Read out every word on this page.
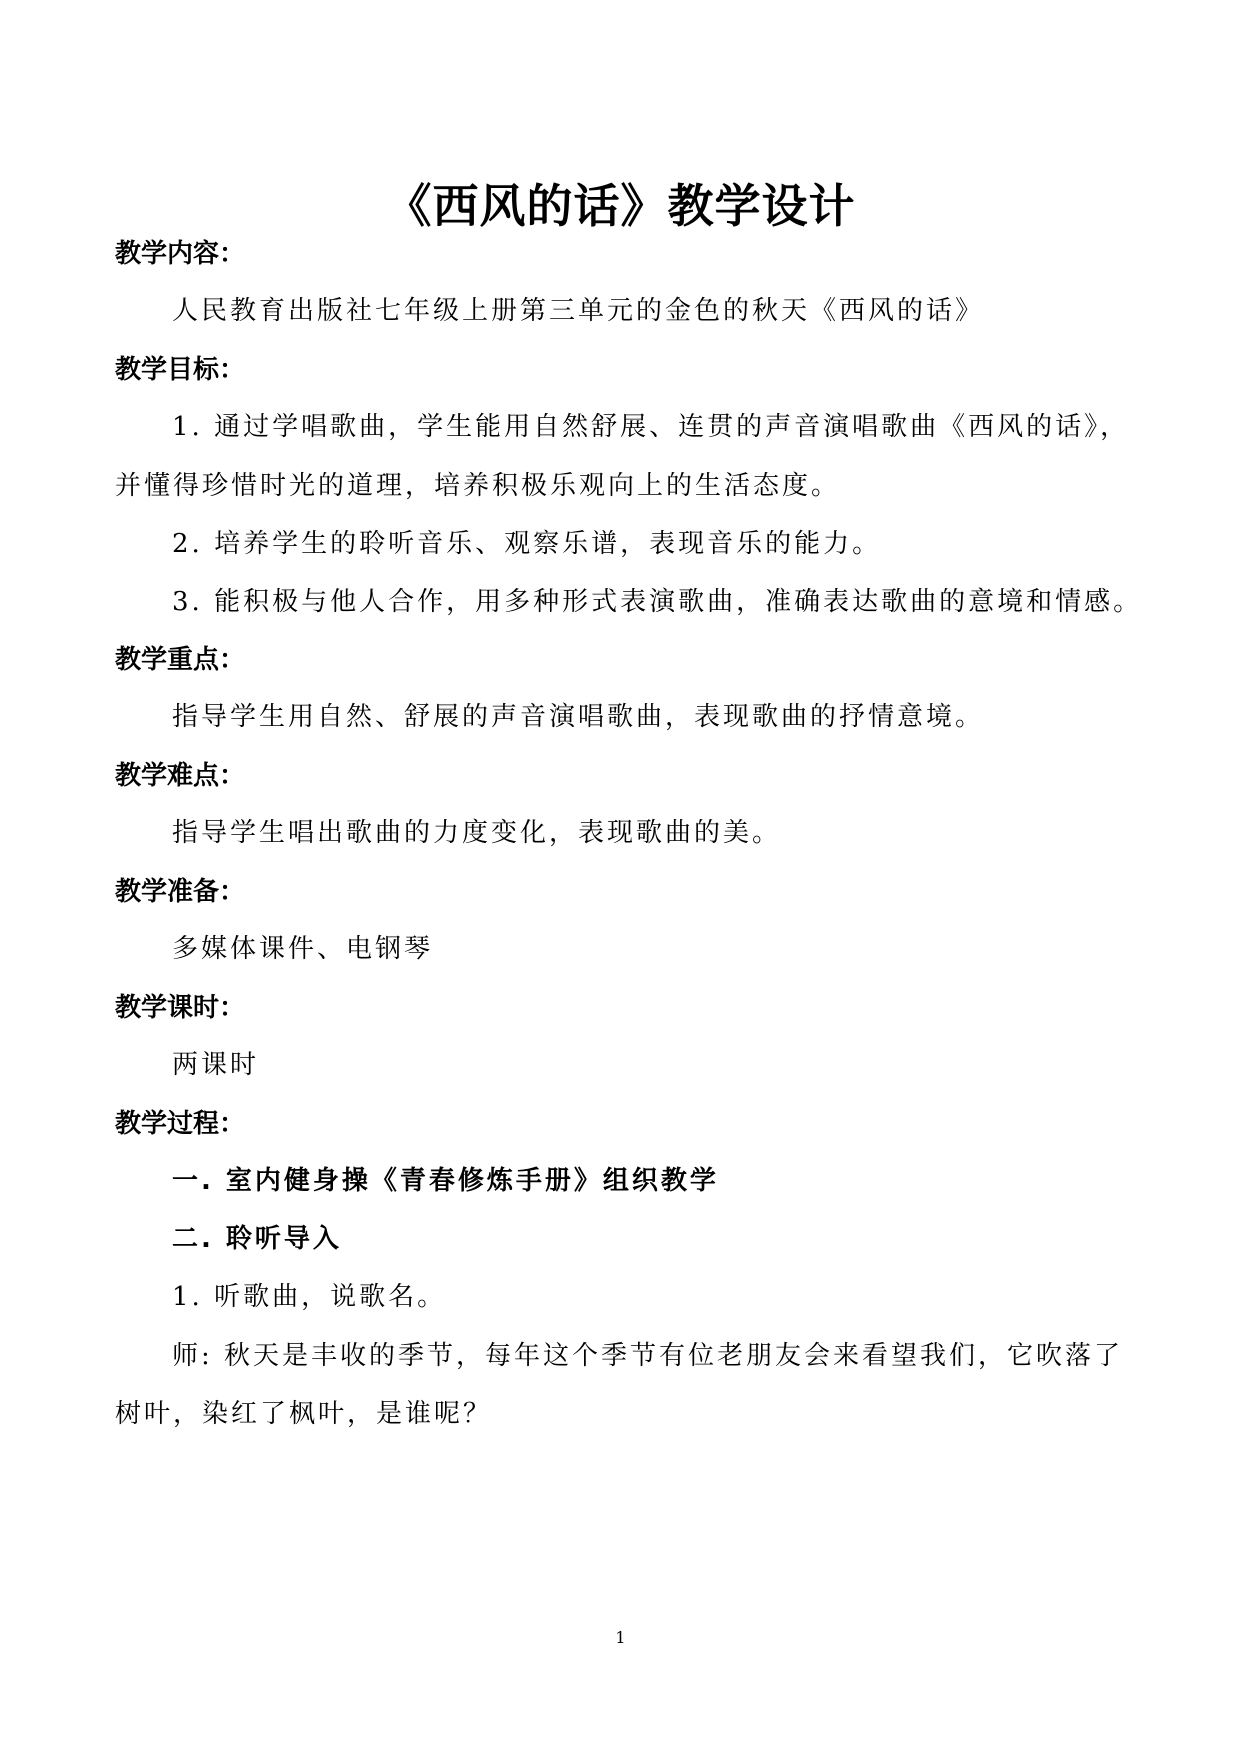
《西风的话》教学设计
教学内容：
人民教育出版社七年级上册第三单元的金色的秋天《西风的话》
教学目标：
1. 通过学唱歌曲，学生能用自然舒展、连贯的声音演唱歌曲《西风的话》，
并懂得珍惜时光的道理，培养积极乐观向上的生活态度。
2. 培养学生的聆听音乐、观察乐谱，表现音乐的能力。
3. 能积极与他人合作，用多种形式表演歌曲，准确表达歌曲的意境和情感。
教学重点：
指导学生用自然、舒展的声音演唱歌曲，表现歌曲的抒情意境。
教学难点：
指导学生唱出歌曲的力度变化，表现歌曲的美。
教学准备：
多媒体课件、电钢琴
教学课时：
两课时
教学过程：
一. 室内健身操《青春修炼手册》组织教学
二. 聆听导入
1. 听歌曲，说歌名。
师: 秋天是丰收的季节，每年这个季节有位老朋友会来看望我们，它吹落了
树叶，染红了枫叶，是谁呢？
1
